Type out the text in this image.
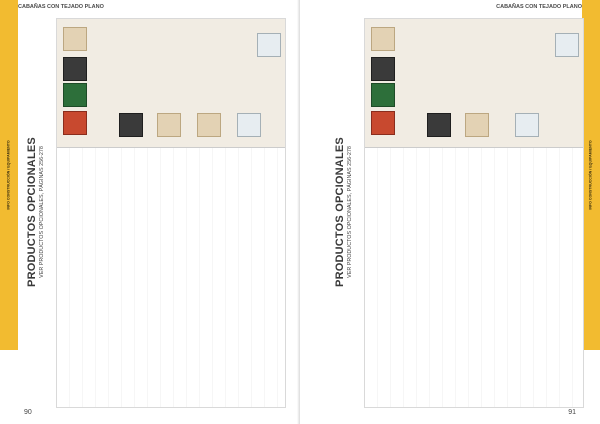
CABAÑAS CON TEJADO PLANO

INFO CONSTRUCCIÓN / EQUIPAMIENTO PRODUCTOS OPCIONALES VER PRODUCTOS OPCIONALES, PÁGINAS 256-278

90

CABAÑAS CON TEJADO PLANO

INFO CONSTRUCCIÓN / EQUIPAMIENTO
PRODUCTOS OPCIONALES VER PRODUCTOS OPCIONALES, PÁGINAS 256-278

91
